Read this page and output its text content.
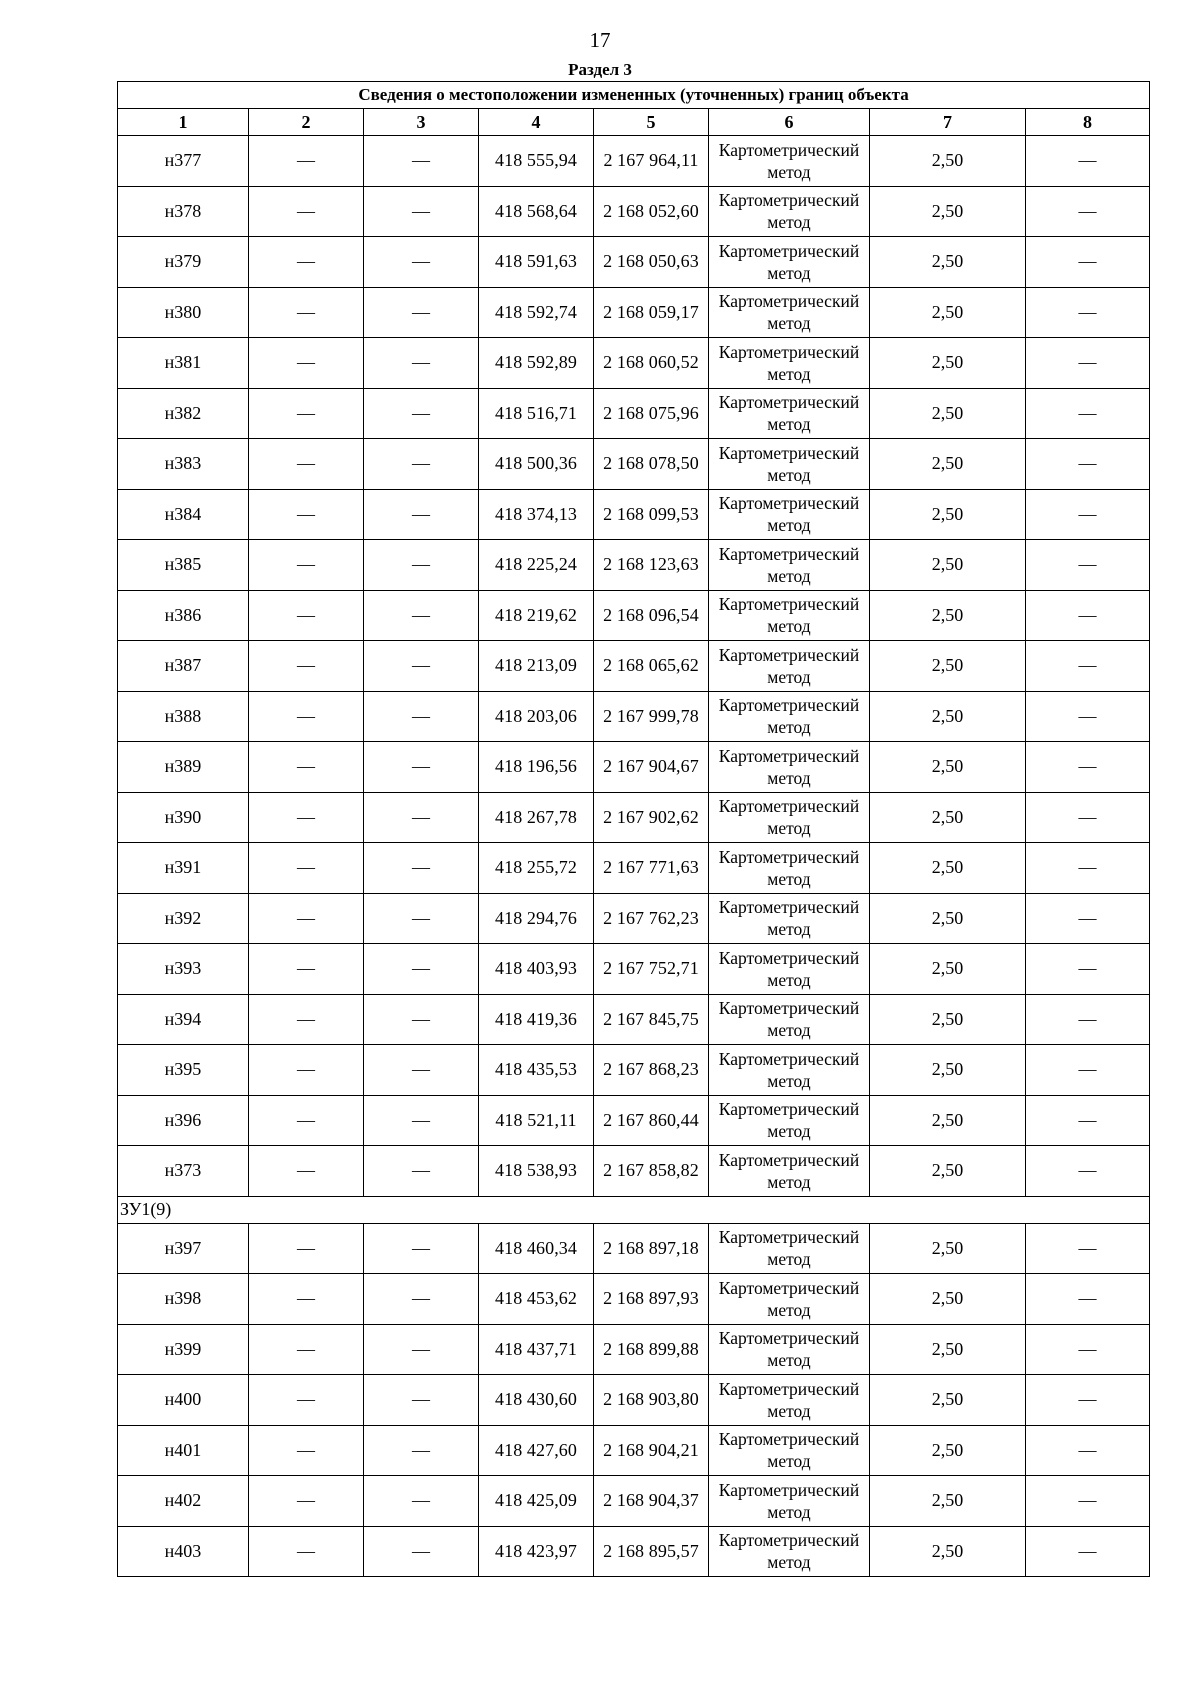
17
Раздел 3
Сведения о местоположении измененных (уточненных) границ объекта							
1	2	3	4	5	6	7	8
н377	—	—	418 555,94	2 167 964,11	Картометрический метод	2,50	—
н378	—	—	418 568,64	2 168 052,60	Картометрический метод	2,50	—
н379	—	—	418 591,63	2 168 050,63	Картометрический метод	2,50	—
н380	—	—	418 592,74	2 168 059,17	Картометрический метод	2,50	—
н381	—	—	418 592,89	2 168 060,52	Картометрический метод	2,50	—
н382	—	—	418 516,71	2 168 075,96	Картометрический метод	2,50	—
н383	—	—	418 500,36	2 168 078,50	Картометрический метод	2,50	—
н384	—	—	418 374,13	2 168 099,53	Картометрический метод	2,50	—
н385	—	—	418 225,24	2 168 123,63	Картометрический метод	2,50	—
н386	—	—	418 219,62	2 168 096,54	Картометрический метод	2,50	—
н387	—	—	418 213,09	2 168 065,62	Картометрический метод	2,50	—
н388	—	—	418 203,06	2 167 999,78	Картометрический метод	2,50	—
н389	—	—	418 196,56	2 167 904,67	Картометрический метод	2,50	—
н390	—	—	418 267,78	2 167 902,62	Картометрический метод	2,50	—
н391	—	—	418 255,72	2 167 771,63	Картометрический метод	2,50	—
н392	—	—	418 294,76	2 167 762,23	Картометрический метод	2,50	—
н393	—	—	418 403,93	2 167 752,71	Картометрический метод	2,50	—
н394	—	—	418 419,36	2 167 845,75	Картометрический метод	2,50	—
н395	—	—	418 435,53	2 167 868,23	Картометрический метод	2,50	—
н396	—	—	418 521,11	2 167 860,44	Картометрический метод	2,50	—
н373	—	—	418 538,93	2 167 858,82	Картометрический метод	2,50	—
ЗУ1(9)							
н397	—	—	418 460,34	2 168 897,18	Картометрический метод	2,50	—
н398	—	—	418 453,62	2 168 897,93	Картометрический метод	2,50	—
н399	—	—	418 437,71	2 168 899,88	Картометрический метод	2,50	—
н400	—	—	418 430,60	2 168 903,80	Картометрический метод	2,50	—
н401	—	—	418 427,60	2 168 904,21	Картометрический метод	2,50	—
н402	—	—	418 425,09	2 168 904,37	Картометрический метод	2,50	—
н403	—	—	418 423,97	2 168 895,57	Картометрический метод	2,50	—
